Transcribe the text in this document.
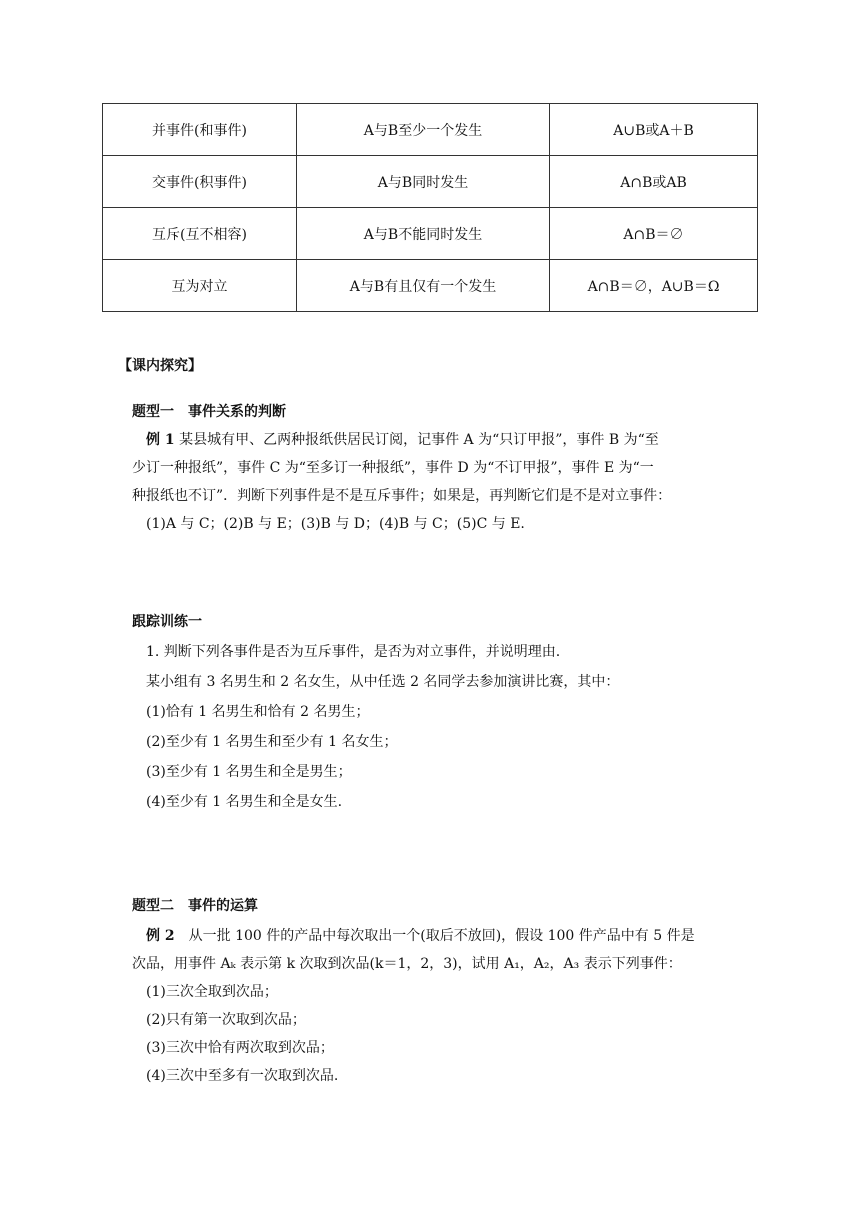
并事件(和事件)	A与B至少一个发生	A∪B或A＋B
交事件(积事件)	A与B同时发生	A∩B或AB
互斥(互不相容)	A与B不能同时发生	A∩B＝∅
互为对立	A与B有且仅有一个发生	A∩B＝∅，A∪B＝Ω
【课内探究】
题型一　事件关系的判断
例 1 某县城有甲、乙两种报纸供居民订阅，记事件 A 为“只订甲报”，事件 B 为“至
少订一种报纸”，事件 C 为“至多订一种报纸”，事件 D 为“不订甲报”，事件 E 为“一
种报纸也不订”．判断下列事件是不是互斥事件；如果是，再判断它们是不是对立事件：
(1)A 与 C；(2)B 与 E；(3)B 与 D；(4)B 与 C；(5)C 与 E.
跟踪训练一
1. 判断下列各事件是否为互斥事件，是否为对立事件，并说明理由.
某小组有 3 名男生和 2 名女生，从中任选 2 名同学去参加演讲比赛，其中：
(1)恰有 1 名男生和恰有 2 名男生；
(2)至少有 1 名男生和至少有 1 名女生；
(3)至少有 1 名男生和全是男生；
(4)至少有 1 名男生和全是女生.
题型二　事件的运算
例 2　 从一批 100 件的产品中每次取出一个(取后不放回)，假设 100 件产品中有 5 件是
次品，用事件 Aₖ 表示第 k 次取到次品(k＝1，2，3)，试用 A₁，A₂，A₃ 表示下列事件：
(1)三次全取到次品；
(2)只有第一次取到次品；
(3)三次中恰有两次取到次品；
(4)三次中至多有一次取到次品.
